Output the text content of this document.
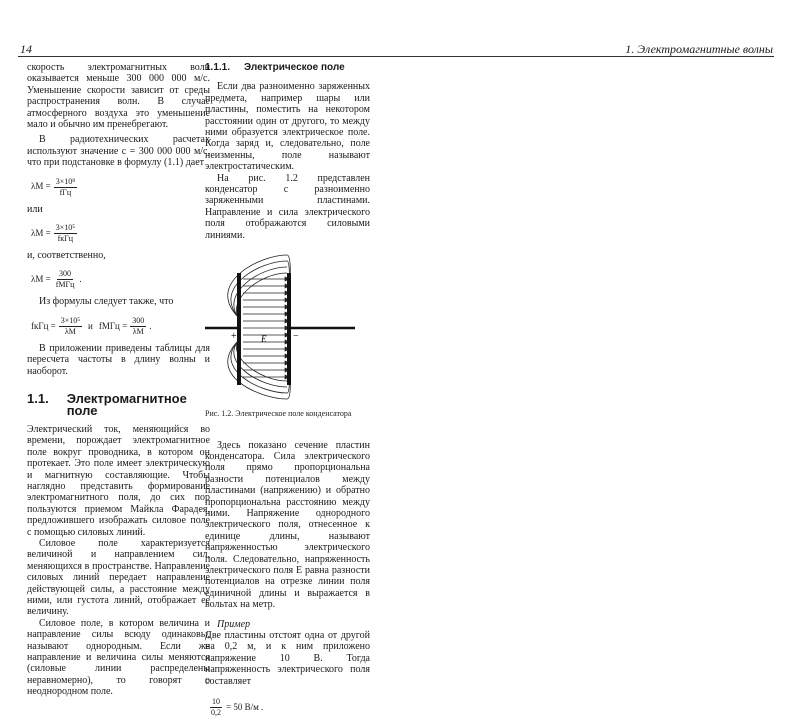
14	1. Электромагнитные волны

скорость электромагнитных волн оказывается меньше 300 000 000 м/с. Уменьшение скорости зависит от среды распространения волн. В случае атмосферного воздуха это уменьшение мало и обычно им пренебрегают.

В радиотехнических расчетах используют значение c = 300 000 000 м/с, что при подстановке в формулу (1.1) дает

$\lambda M = \frac{\text{3×10⁸}}{\text{fГц}}$

или

$\lambda M = \frac{\text{3×10⁵}}{\text{fкГц}}$

и, соответственно,

$\lambda M = \frac{300}{\text{fМГц}}$ .

Из формулы следует также, что

fкГц = $\frac{\text{3×10⁵}}{\lambda M}$ и fМГц = $\frac{300}{\lambda M}$ .

В приложении приведены таблицы для пересчета частоты в длину волны и наоборот.

1.1. Электромагнитное поле

Электрический ток, меняющийся во времени, порождает электромагнитное поле вокруг проводника, в котором он протекает. Это поле имеет электрическую и магнитную составляющие. Чтобы наглядно представить формирование электромагнитного поля, до сих пор пользуются приемом Майкла Фарадея, предложившего изображать силовое поле с помощью силовых линий.

Силовое поле характеризуется величиной и направлением сил, меняющихся в пространстве. Направление силовых линий передает направление действующей силы, а расстояние между ними, или густота линий, отображает ее величину.

Силовое поле, в котором величина и направление силы всюду одинаковы, называют однородным. Если же направление и величина силы меняются (силовые линии распределены неравномерно), то говорят о неоднородном поле.

1.1.1. Электрическое поле

Если два разноименно заряженных предмета, например шары или пластины, поместить на некотором расстоянии один от другого, то между ними образуется электрическое поле. Когда заряд и, следовательно, поле неизменны, поле называют электростатическим.

На рис. 1.2 представлен конденсатор с разноименно заряженными пластинами. Направление и сила электрического поля отображаются силовыми линиями.

+	−
E

Рис. 1.2. Электрическое поле конденсатора

Здесь показано сечение пластин конденсатора. Сила электрического поля прямо пропорциональна разности потенциалов между пластинами (напряжению) и обратно пропорциональна расстоянию между ними. Напряжение однородного электрического поля, отнесенное к единице длины, называют напряженностью электрического поля. Следовательно, напряженность электрического поля E равна разности потенциалов на отрезке линии поля единичной длины и выражается в вольтах на метр.

Пример

Две пластины отстоят одна от другой на 0,2 м, и к ним приложено напряжение 10 В. Тогда напряженность электрического поля составляет

$\frac{10}{0,2} = 50$ В/м .
